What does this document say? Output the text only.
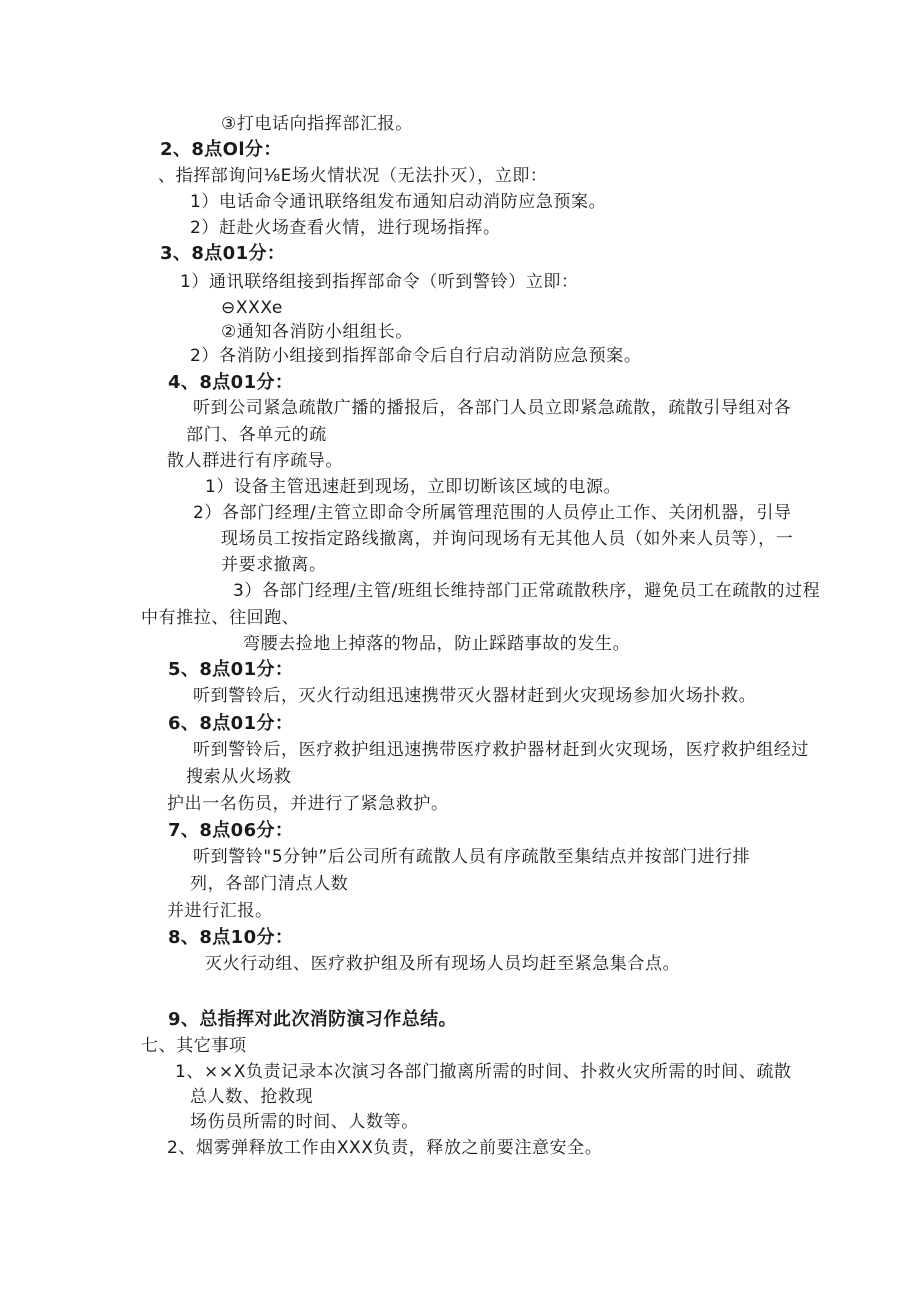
③打电话向指挥部汇报。
2、8点Ol分：
、指挥部询问⅛E场火情状况（无法扑灭），立即：
1）电话命令通讯联络组发布通知启动消防应急预案。
2）赶赴火场查看火情，进行现场指挥。
3、8点01分：
1）通讯联络组接到指挥部命令（听到警铃）立即：
⊖XXXe
②通知各消防小组组长。
2）各消防小组接到指挥部命令后自行启动消防应急预案。
4、8点01分：
听到公司紧急疏散广播的播报后，各部门人员立即紧急疏散，疏散引导组对各
部门、各单元的疏
散人群进行有序疏导。
1）设备主管迅速赶到现场，立即切断该区域的电源。
2）各部门经理/主管立即命令所属管理范围的人员停止工作、关闭机器，引导
现场员工按指定路线撤离，并询问现场有无其他人员（如外来人员等），一
并要求撤离。
3）各部门经理/主管/班组长维持部门正常疏散秩序，避免员工在疏散的过程
中有推拉、往回跑、
弯腰去捡地上掉落的物品，防止踩踏事故的发生。
5、8点01分：
听到警铃后，灭火行动组迅速携带灭火器材赶到火灾现场参加火场扑救。
6、8点01分：
听到警铃后，医疗救护组迅速携带医疗救护器材赶到火灾现场，医疗救护组经过
搜索从火场救
护出一名伤员，并进行了紧急救护。
7、8点06分：
听到警铃"5分钟”后公司所有疏散人员有序疏散至集结点并按部门进行排
列，各部门清点人数
并进行汇报。
8、8点10分：
灭火行动组、医疗救护组及所有现场人员均赶至紧急集合点。
9、总指挥对此次消防演习作总结。
七、其它事项
1、××X负责记录本次演习各部门撤离所需的时间、扑救火灾所需的时间、疏散
总人数、抢救现
场伤员所需的时间、人数等。
2、烟雾弹释放工作由XXX负责，释放之前要注意安全。
